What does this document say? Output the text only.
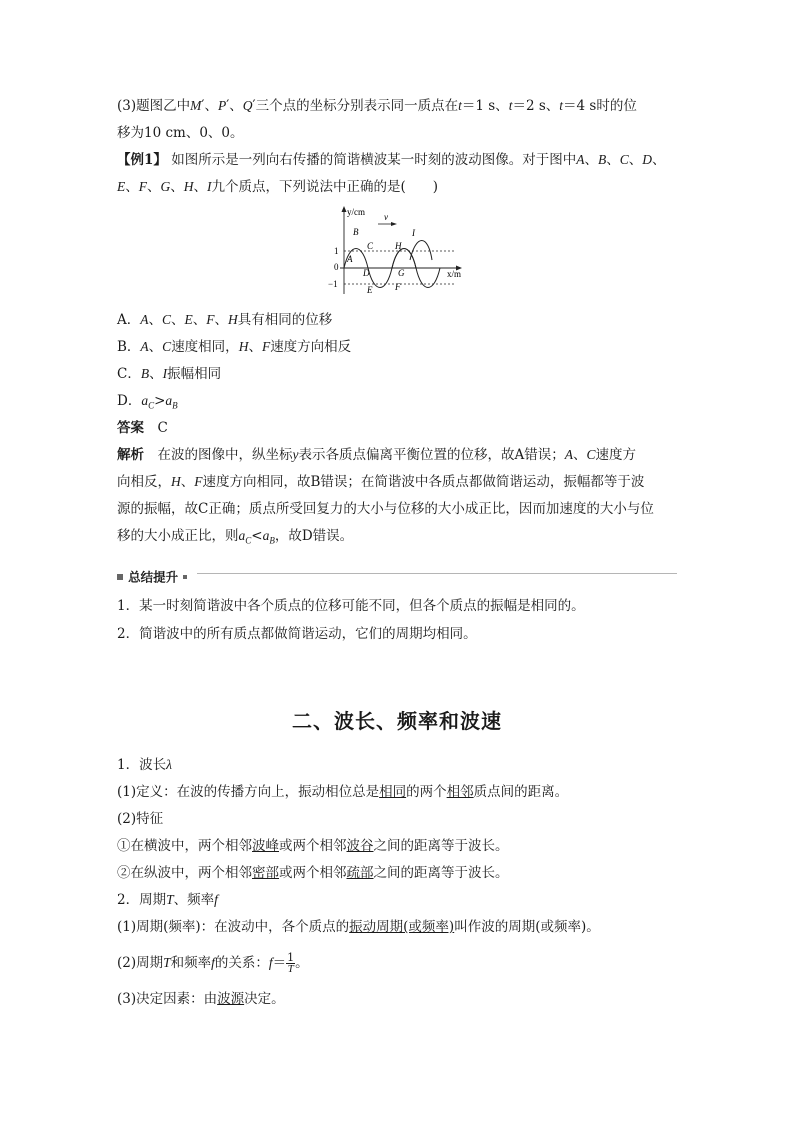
(3)题图乙中M′、P′、Q′三个点的坐标分别表示同一质点在t＝1 s、t＝2 s、t＝4 s时的位
移为10 cm、0、0。
【例1】 如图所示是一列向右传播的简谐横波某一时刻的波动图像。对于图中A、B、C、D、
E、F、G、H、I九个质点，下列说法中正确的是(　　)
v
y/cm
x/m
1
0
−1
A
B
C
D
E	F
G
H
I
A．A、C、E、F、H具有相同的位移
B．A、C速度相同，H、F速度方向相反
C．B、I振幅相同
D．$a_C>a_B$
答案  C
解析  在波的图像中，纵坐标y表示各质点偏离平衡位置的位移，故A错误；A、C速度方
向相反，H、F速度方向相同，故B错误；在简谐波中各质点都做简谐运动，振幅都等于波
源的振幅，故C正确；质点所受回复力的大小与位移的大小成正比，因而加速度的大小与位
移的大小成正比，则$a_C<a_B$，故D错误。
总结提升
1．某一时刻简谐波中各个质点的位移可能不同，但各个质点的振幅是相同的。
2．简谐波中的所有质点都做简谐运动，它们的周期均相同。
二、波长、频率和波速
1．波长λ
(1)定义：在波的传播方向上，振动相位总是相同的两个相邻质点间的距离。
(2)特征
①在横波中，两个相邻波峰或两个相邻波谷之间的距离等于波长。
②在纵波中，两个相邻密部或两个相邻疏部之间的距离等于波长。
2．周期T、频率f
(1)周期(频率)：在波动中，各个质点的振动周期(或频率)叫作波的周期(或频率)。
(2)周期T和频率f的关系：$f= \frac{1}{T}$ 。
(3)决定因素：由波源决定。
